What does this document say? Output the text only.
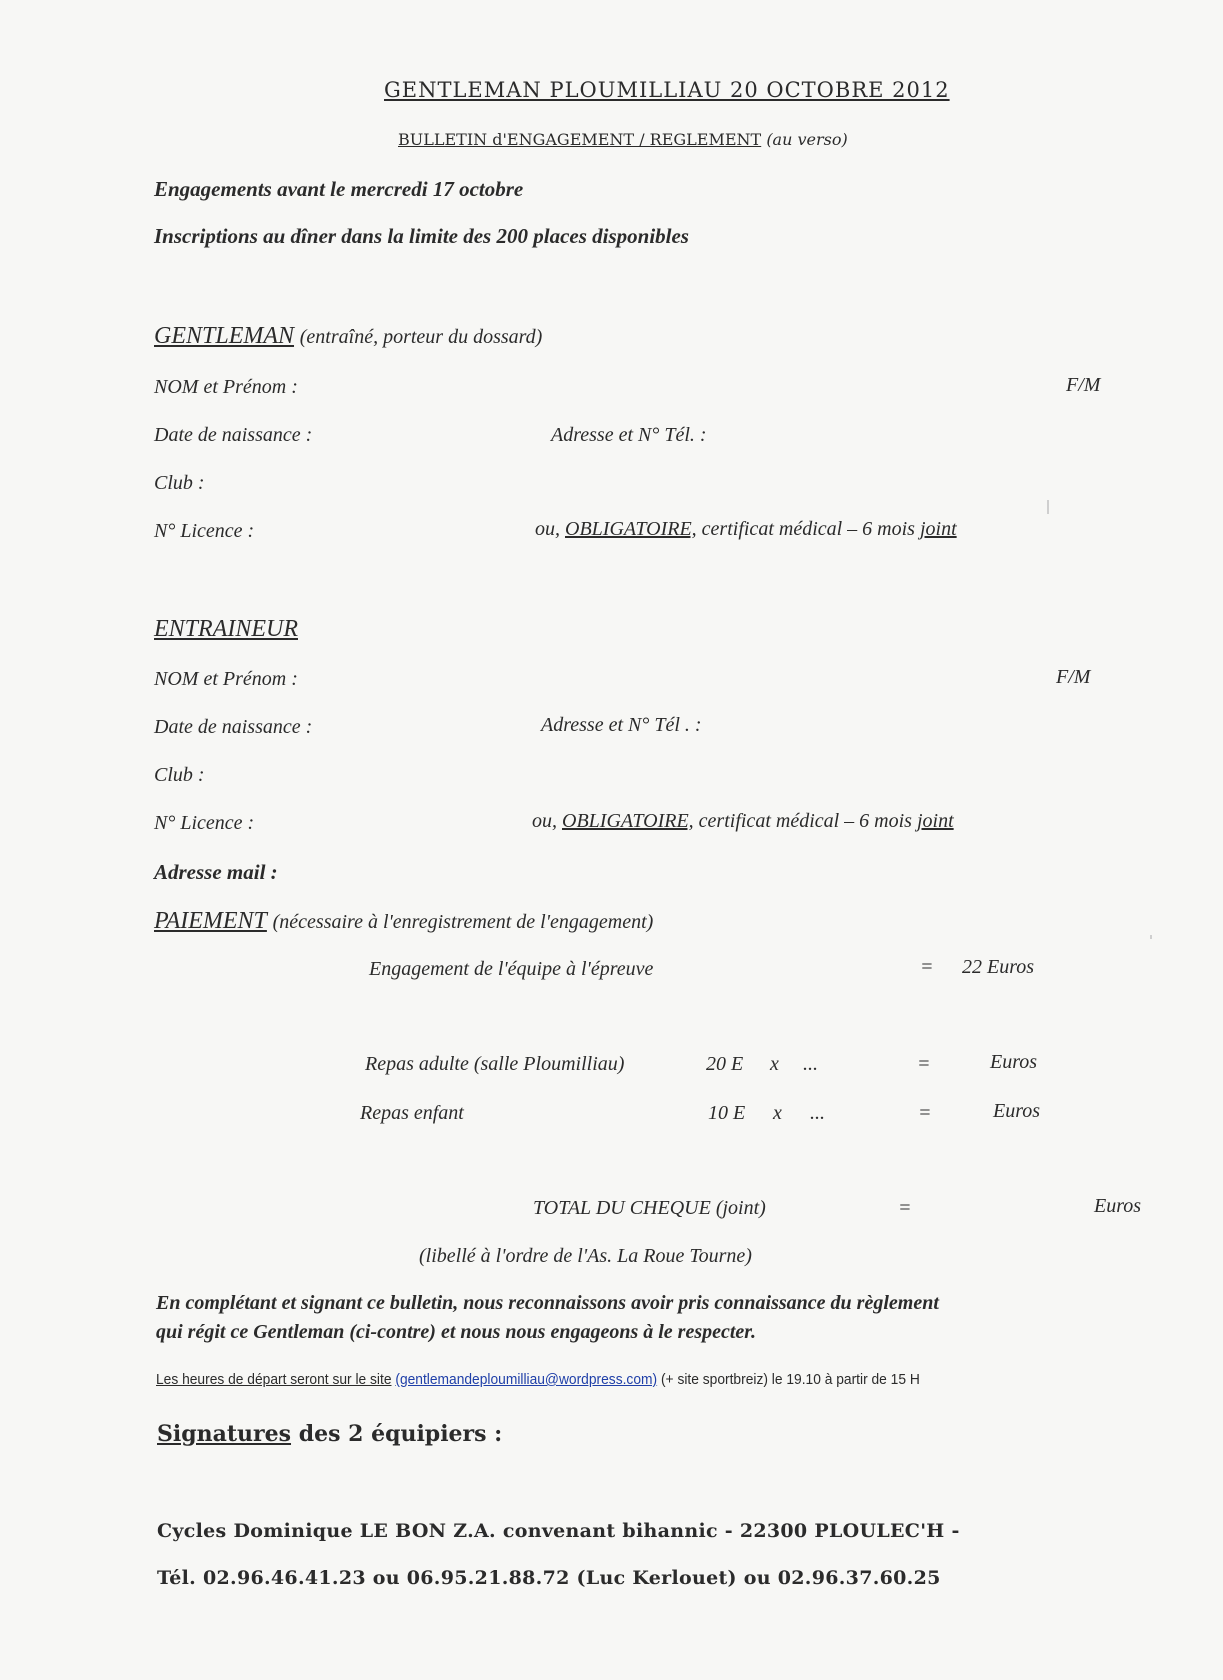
GENTLEMAN PLOUMILLIAU 20 OCTOBRE 2012
BULLETIN d'ENGAGEMENT / REGLEMENT (au verso)
Engagements avant le mercredi 17 octobre
Inscriptions au dîner dans la limite des 200 places disponibles
GENTLEMAN (entraîné, porteur du dossard)
NOM et Prénom :	F/M
Date de naissance :	Adresse et N° Tél. :
Club :
N° Licence :	ou, OBLIGATOIRE, certificat médical – 6 mois joint
ENTRAINEUR
NOM et Prénom :	F/M
Date de naissance :	Adresse et N° Tél . :
Club :
N° Licence :	ou, OBLIGATOIRE, certificat médical – 6 mois joint
Adresse mail :
PAIEMENT (nécessaire à l'enregistrement de l'engagement)
Engagement de l'équipe à l'épreuve	= 22 Euros
Repas adulte (salle Ploumilliau)	20 E x ...	=	Euros
Repas enfant	10 E x ...	=	Euros
TOTAL DU CHEQUE (joint)	=	Euros
(libellé à l'ordre de l'As. La Roue Tourne)
En complétant et signant ce bulletin, nous reconnaissons avoir pris connaissance du règlement
qui régit ce Gentleman (ci-contre) et nous nous engageons à le respecter.
Les heures de départ seront sur le site (gentlemandeploumilliau@wordpress.com) (+ site sportbreiz) le 19.10 à partir de 15 H
Signatures des 2 équipiers :
Cycles Dominique LE BON Z.A. convenant bihannic - 22300 PLOULEC'H -
Tél. 02.96.46.41.23 ou 06.95.21.88.72 (Luc Kerlouet) ou 02.96.37.60.25
